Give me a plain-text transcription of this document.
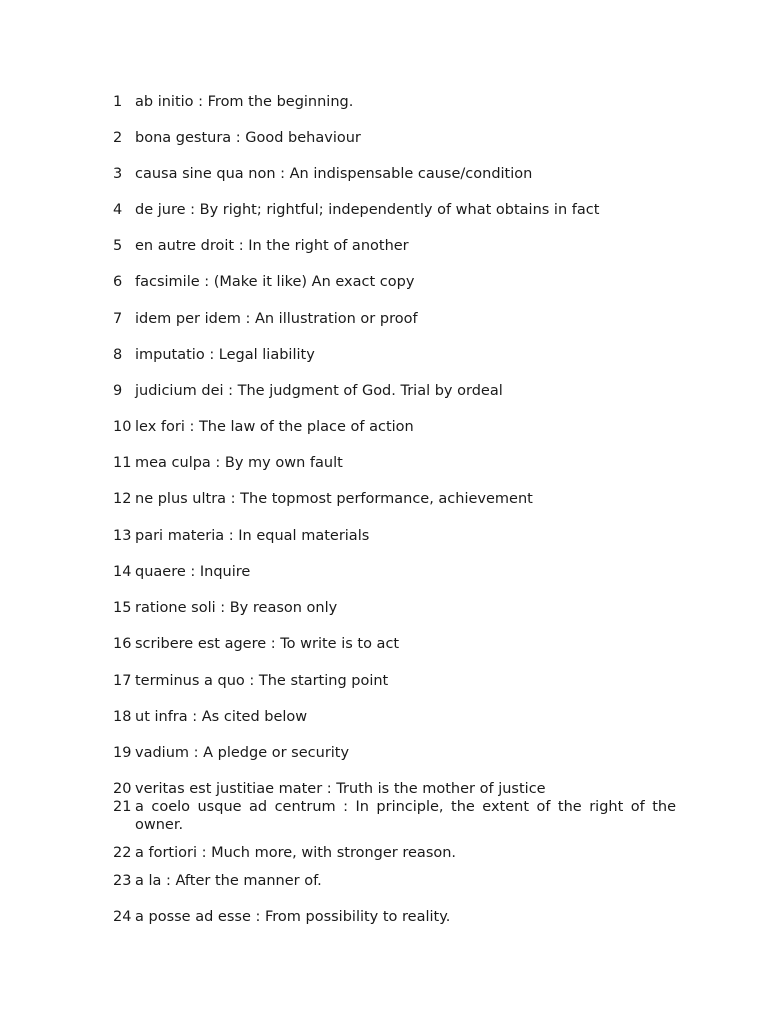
1 ab initio : From the beginning.
2 bona gestura : Good behaviour
3 causa sine qua non : An indispensable cause/condition
4 de jure : By right; rightful; independently of what obtains in fact
5 en autre droit : In the right of another
6 facsimile : (Make it like) An exact copy
7 idem per idem : An illustration or proof
8 imputatio : Legal liability
9 judicium dei : The judgment of God. Trial by ordeal
10 lex fori : The law of the place of action
11 mea culpa : By my own fault
12 ne plus ultra : The topmost performance, achievement
13 pari materia : In equal materials
14 quaere : Inquire
15 ratione soli : By reason only
16 scribere est agere : To write is to act
17 terminus a quo : The starting point
18 ut infra : As cited below
19 vadium : A pledge or security
20 veritas est justitiae mater : Truth is the mother of justice
21 a coelo usque ad centrum : In principle, the extent of the right of the owner.
22 a fortiori : Much more, with stronger reason.
23 a la : After the manner of.
24 a posse ad esse : From possibility to reality.
